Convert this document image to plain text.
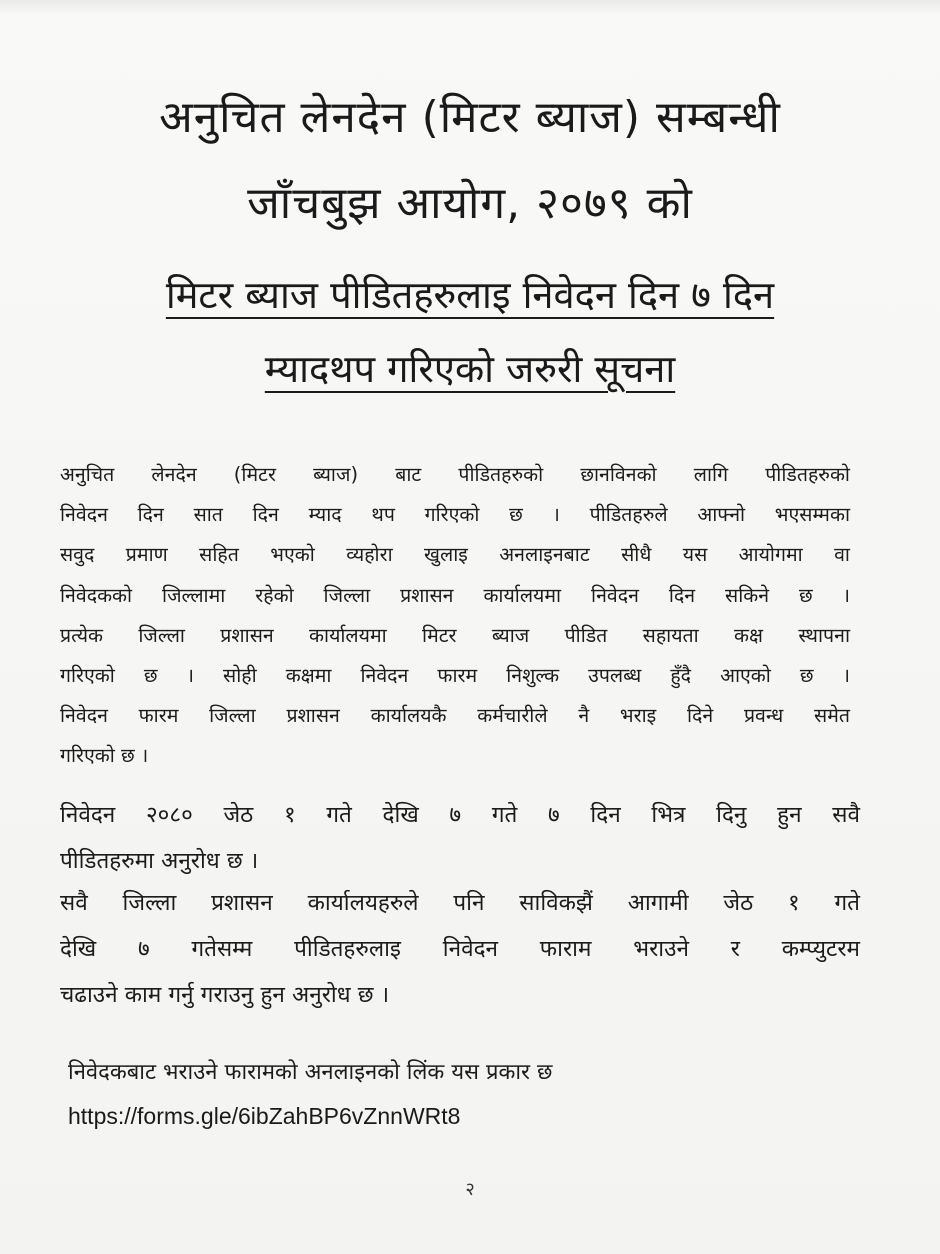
अनुचित लेनदेन (मिटर ब्याज) सम्बन्धी
जाँचबुझ आयोग, २०७९ को
मिटर ब्याज पीडितहरुलाइ निवेदन दिन ७ दिन
म्यादथप गरिएको जरुरी सूचना
अनुचित लेनदेन (मिटर ब्याज) बाट पीडितहरुको छानविनको लागि पीडितहरुको
निवेदन दिन सात दिन म्याद थप गरिएको छ । पीडितहरुले आफ्नो भएसम्मका
सवुद प्रमाण सहित भएको व्यहोरा खुलाइ अनलाइनबाट सीधै यस आयोगमा वा
निवेदकको जिल्लामा रहेको जिल्ला प्रशासन कार्यालयमा निवेदन दिन सकिने छ ।
प्रत्येक जिल्ला प्रशासन कार्यालयमा मिटर ब्याज पीडित सहायता कक्ष स्थापना
गरिएको छ । सोही कक्षमा निवेदन फारम निशुल्क उपलब्ध हुँदै आएको छ ।
निवेदन फारम जिल्ला प्रशासन कार्यालयकै कर्मचारीले नै भराइ दिने प्रवन्ध समेत
गरिएको छ ।
निवेदन २०८० जेठ १ गते देखि ७ गते ७ दिन भित्र दिनु हुन सवै
पीडितहरुमा अनुरोध छ ।
सवै जिल्ला प्रशासन कार्यालयहरुले पनि साविकझैं आगामी जेठ १ गते
देखि ७ गतेसम्म पीडितहरुलाइ निवेदन फाराम भराउने र कम्प्युटरम
चढाउने काम गर्नु गराउनु हुन अनुरोध छ ।
निवेदकबाट भराउने फारामको अनलाइनको लिंक यस प्रकार छ
https://forms.gle/6ibZahBP6vZnnWRt8
२
